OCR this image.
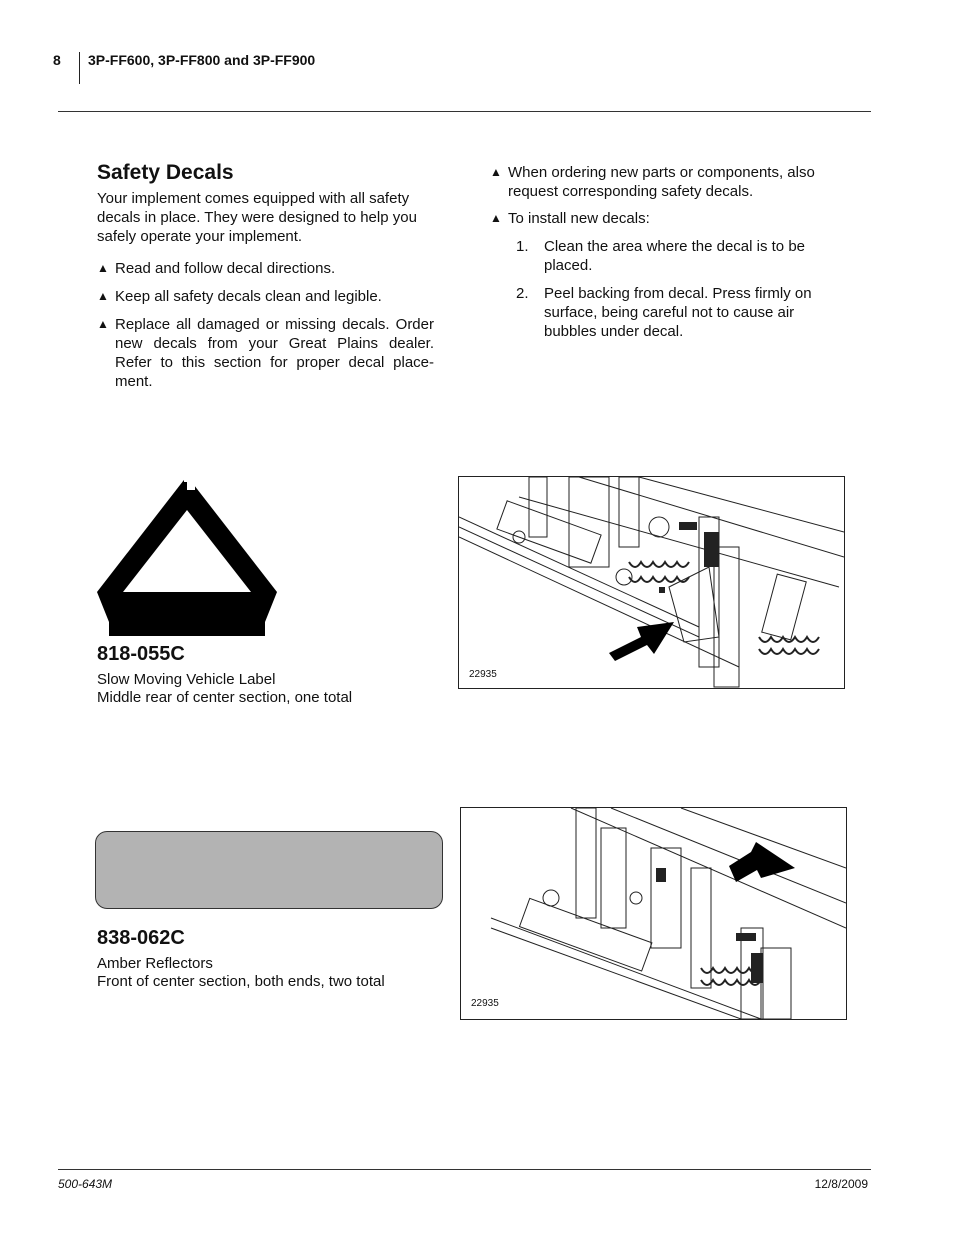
8 3P-FF600, 3P-FF800 and 3P-FF900
Safety Decals
Your implement comes equipped with all safety decals in place. They were designed to help you safely operate your implement.
▲ Read and follow decal directions.
▲ Keep all safety decals clean and legible.
▲ Replace all damaged or missing decals. Order new decals from your Great Plains dealer. Refer to this section for proper decal place-ment.
▲ When ordering new parts or components, also request corresponding safety decals.
▲ To install new decals:
1. Clean the area where the decal is to be placed.
2. Peel backing from decal. Press firmly on surface, being careful not to cause air bubbles under decal.
818-055C
Slow Moving Vehicle Label
Middle rear of center section, one total
22935
838-062C
Amber Reflectors
Front of center section, both ends, two total
22935
500-643M	12/8/2009
